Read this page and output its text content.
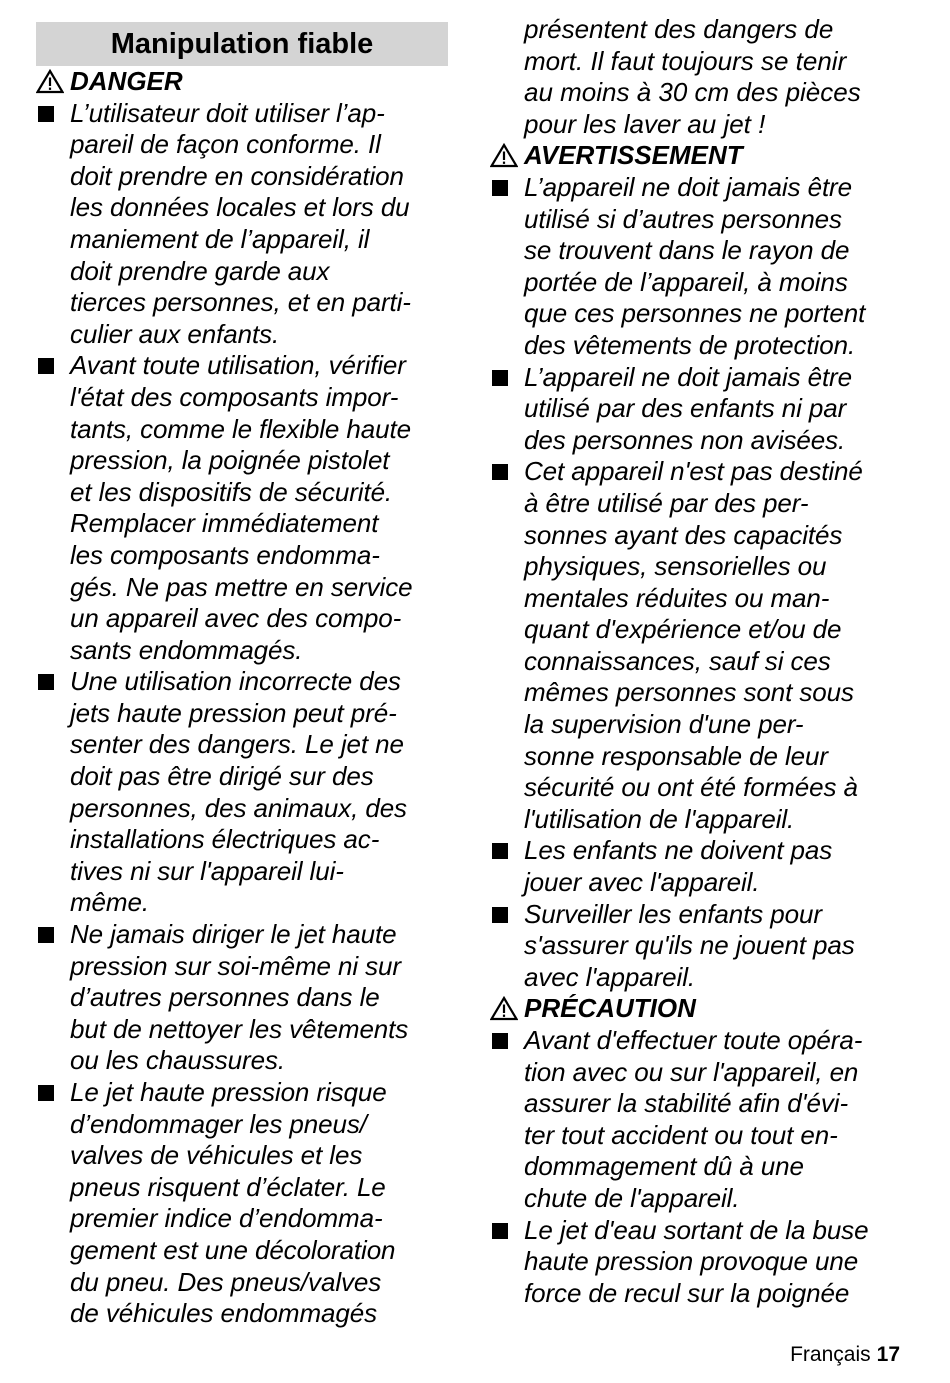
Manipulation fiable
DANGER
L’utilisateur doit utiliser l’ap-
pareil de façon conforme. Il
doit prendre en considération
les données locales et lors du
maniement de l’appareil, il
doit prendre garde aux
tierces personnes, et en parti-
culier aux enfants.
Avant toute utilisation, vérifier
l'état des composants impor-
tants, comme le flexible haute
pression, la poignée pistolet
et les dispositifs de sécurité.
Remplacer immédiatement
les composants endomma-
gés. Ne pas mettre en service
un appareil avec des compo-
sants endommagés.
Une utilisation incorrecte des
jets haute pression peut pré-
senter des dangers. Le jet ne
doit pas être dirigé sur des
personnes, des animaux, des
installations électriques ac-
tives ni sur l'appareil lui-
même.
Ne jamais diriger le jet haute
pression sur soi-même ni sur
d’autres personnes dans le
but de nettoyer les vêtements
ou les chaussures.
Le jet haute pression risque
d’endommager les pneus/
valves de véhicules et les
pneus risquent d’éclater. Le
premier indice d’endomma-
gement est une décoloration
du pneu. Des pneus/valves
de véhicules endommagés
présentent des dangers de
mort. Il faut toujours se tenir
au moins à 30 cm des pièces
pour les laver au jet !
AVERTISSEMENT
L’appareil ne doit jamais être
utilisé si d’autres personnes
se trouvent dans le rayon de
portée de l’appareil, à moins
que ces personnes ne portent
des vêtements de protection.
L’appareil ne doit jamais être
utilisé par des enfants ni par
des personnes non avisées.
Cet appareil n'est pas destiné
à être utilisé par des per-
sonnes ayant des capacités
physiques, sensorielles ou
mentales réduites ou man-
quant d'expérience et/ou de
connaissances, sauf si ces
mêmes personnes sont sous
la supervision d'une per-
sonne responsable de leur
sécurité ou ont été formées à
l'utilisation de l'appareil.
Les enfants ne doivent pas
jouer avec l'appareil.
Surveiller les enfants pour
s'assurer qu'ils ne jouent pas
avec l'appareil.
PRÉCAUTION
Avant d'effectuer toute opéra-
tion avec ou sur l'appareil, en
assurer la stabilité afin d'évi-
ter tout accident ou tout en-
dommagement dû à une
chute de l'appareil.
Le jet d'eau sortant de la buse
haute pression provoque une
force de recul sur la poignée
Français 17
